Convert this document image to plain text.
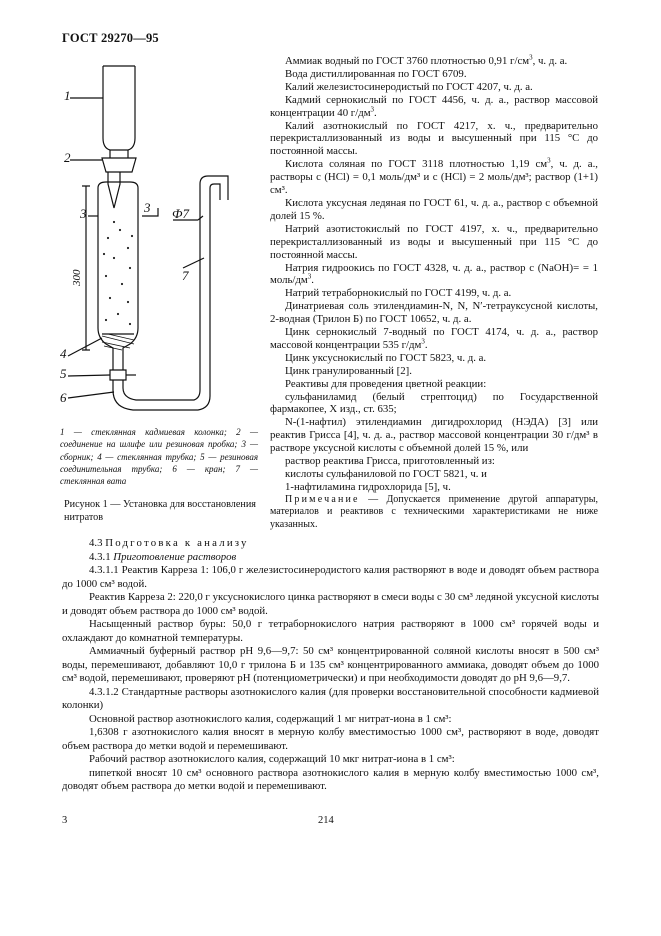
ГОСТ 29270—95
1
2
3	3 Ф7
7
4
5
6
300
1 — стеклянная кадмиевая колонка; 2 — соединение на шлифе или резиновая пробка; 3 — сборник; 4 — стеклянная трубка; 5 — резиновая соединительная трубка; 6 — кран; 7 — стеклянная вата
Рисунок 1 — Установка для восстановления нитратов

Аммиак водный по ГОСТ 3760 плотностью 0,91 $г/см^3$, ч. д. а.

Вода дистиллированная по ГОСТ 6709.

Калий железистосинеродистый по ГОСТ 4207, ч. д. а.

Кадмий сернокислый по ГОСТ 4456, ч. д. а., раствор массовой концентрации 40 $г/дм^3$.

Калий азотнокислый по ГОСТ 4217, х. ч., предварительно перекристаллизованный из воды и высушенный при 115 °С до постоянной массы.

Кислота соляная по ГОСТ 3118 плотностью 1,19 $см^3$, ч. д. а., растворы c (HCl) = 0,1 моль/дм³ и c (HCl) = 2 моль/дм³; раствор (1+1) см³.

Кислота уксусная ледяная по ГОСТ 61, ч. д. а., раствор с объемной долей 15 %.

Натрий азотистокислый по ГОСТ 4197, х. ч., предварительно перекристаллизованный из воды и высушенный при 115 °С до постоянной массы.

Натрия гидроокись по ГОСТ 4328, ч. д. а., раствор c (NaOH)= = 1 моль/$дм^3$.

Натрий тетраборнокислый по ГОСТ 4199, ч. д. а.

Динатриевая соль этилендиамин-N, N, N′-тетрауксусной кислоты, 2-водная (Трилон Б) по ГОСТ 10652, ч. д. а.

Цинк сернокислый 7-водный по ГОСТ 4174, ч. д. а., раствор массовой концентрации 535 $г/дм^3$.

Цинк уксуснокислый по ГОСТ 5823, ч. д. а.

Цинк гранулированный [2].

Реактивы для проведения цветной реакции:

сульфаниламид (белый стрептоцид) по Государственной фармакопее, X изд., ст. 635;

N-(1-нафтил) этилендиамин дигидрохлорид (НЭДА) [3] или реактив Грисса [4], ч. д. а., раствор массовой концентрации 30 г/дм³ в растворе уксусной кислоты с объемной долей 15 %, или

раствор реактива Грисса, приготовленный из:

кислоты сульфаниловой по ГОСТ 5821, ч. и

1-нафтиламина гидрохлорида [5], ч.

Примечание — Допускается применение другой аппаратуры, материалов и реактивов с техническими характеристиками не ниже указанных.

4.3 Подготовка к анализу

4.3.1 Приготовление растворов

4.3.1.1 Реактив Карреза 1: 106,0 г железистосинеродистого калия растворяют в воде и доводят объем раствора до 1000 см³ водой.

Реактив Карреза 2: 220,0 г уксуснокислого цинка растворяют в смеси воды с 30 см³ ледяной уксусной кислоты и доводят объем раствора до 1000 см³ водой.

Насыщенный раствор буры: 50,0 г тетраборнокислого натрия растворяют в 1000 см³ горячей воды и охлаждают до комнатной температуры.

Аммиачный буферный раствор pH 9,6—9,7: 50 см³ концентрированной соляной кислоты вносят в 500 см³ воды, перемешивают, добавляют 10,0 г трилона Б и 135 см³ концентрированного аммиака, доводят объем до 1000 см³ водой, перемешивают, проверяют pH (потенциометрически) и при необходимости доводят до pH 9,6—9,7.

4.3.1.2 Стандартные растворы азотнокислого калия (для проверки восстановительной способности кадмиевой колонки)

Основной раствор азотнокислого калия, содержащий 1 мг нитрат-иона в 1 см³:

1,6308 г азотнокислого калия вносят в мерную колбу вместимостью 1000 см³, растворяют в воде, доводят объем раствора до метки водой и перемешивают.

Рабочий раствор азотнокислого калия, содержащий 10 мкг нитрат-иона в 1 см³:

пипеткой вносят 10 см³ основного раствора азотнокислого калия в мерную колбу вместимостью 1000 см³, доводят объем раствора до метки водой и перемешивают.

3	214
